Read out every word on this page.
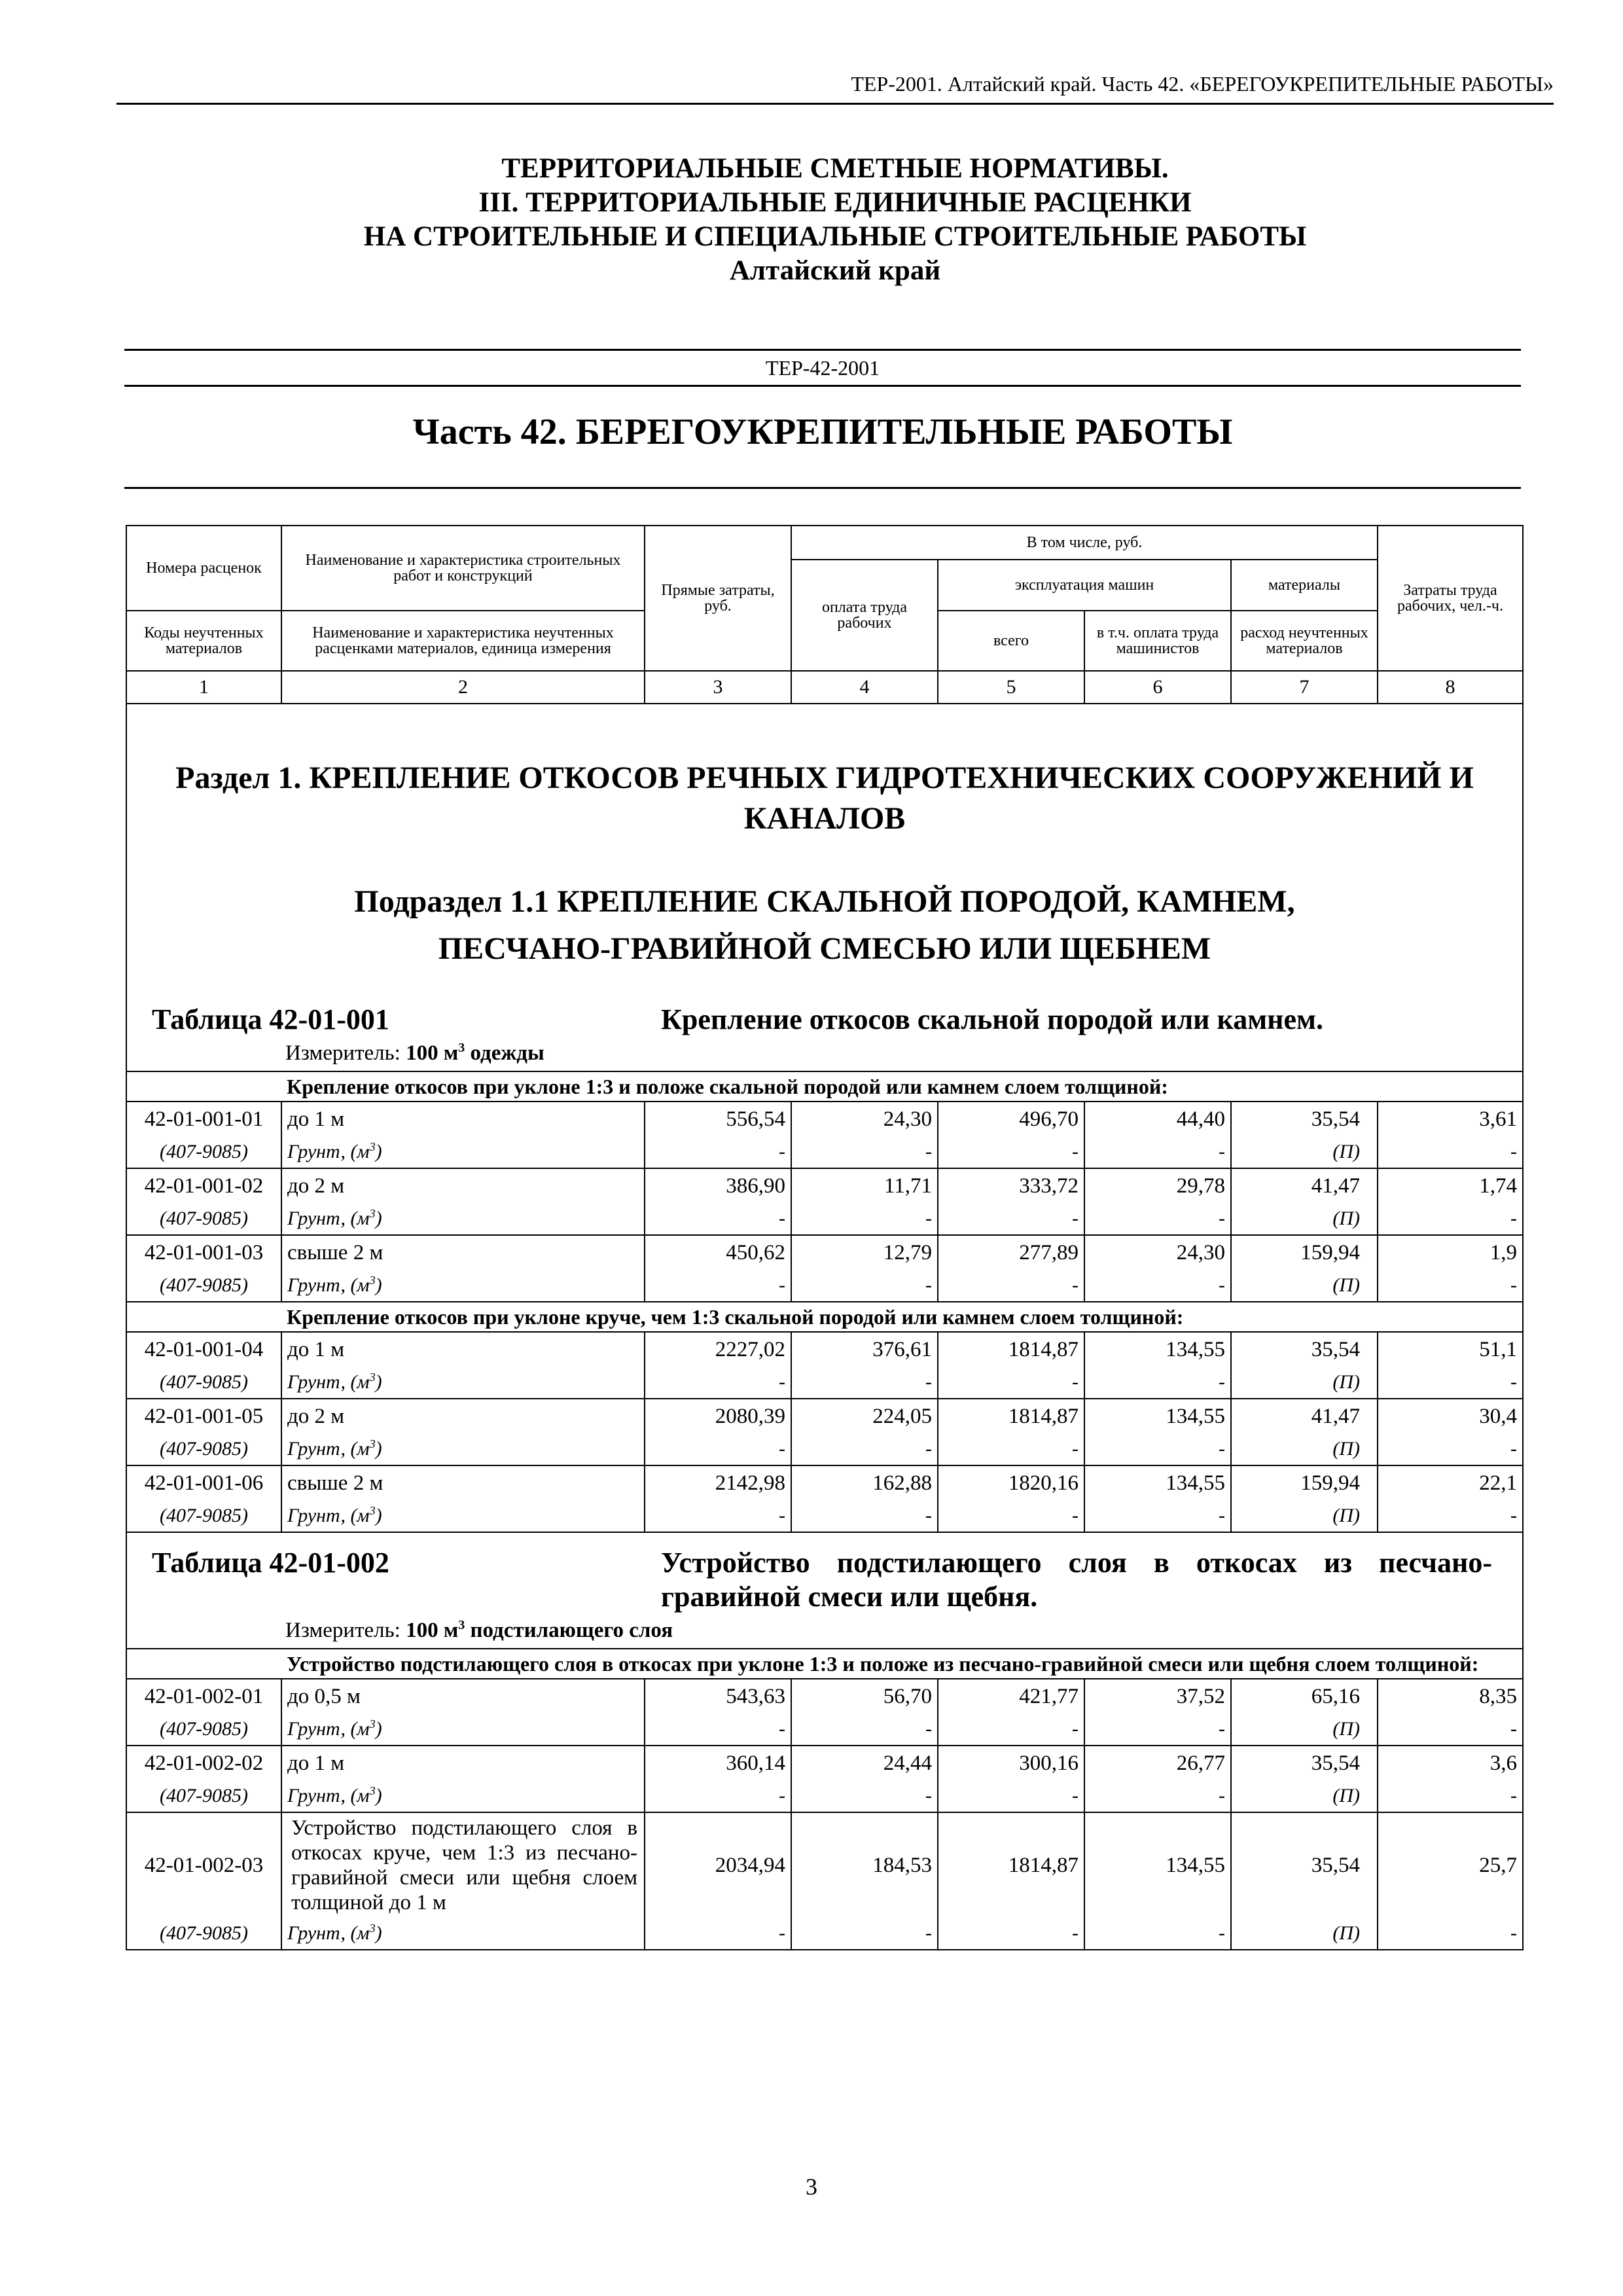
ТЕР-2001. Алтайский край. Часть 42. «БЕРЕГОУКРЕПИТЕЛЬНЫЕ РАБОТЫ»
ТЕРРИТОРИАЛЬНЫЕ СМЕТНЫЕ НОРМАТИВЫ.
III. ТЕРРИТОРИАЛЬНЫЕ ЕДИНИЧНЫЕ РАСЦЕНКИ
НА СТРОИТЕЛЬНЫЕ И СПЕЦИАЛЬНЫЕ СТРОИТЕЛЬНЫЕ РАБОТЫ
Алтайский край
ТЕР-42-2001
Часть 42. БЕРЕГОУКРЕПИТЕЛЬНЫЕ РАБОТЫ
Номера расценок	Наименование и характеристика строительных работ и конструкций	Прямые затраты, руб.	В том числе, руб.				Затраты труда рабочих, чел.-ч.
			оплата труда рабочих	эксплуатация машин		материалы	
Коды неучтенных материалов	Наименование и характеристика неучтенных расценками материалов, единица измерения			всего	в т.ч. оплата труда машинистов	расход неучтенных материалов	
1	2	3	4	5	6	7	8

Раздел 1. КРЕПЛЕНИЕ ОТКОСОВ РЕЧНЫХ ГИДРОТЕХНИЧЕСКИХ СООРУЖЕНИЙ И КАНАЛОВ
Подраздел 1.1 КРЕПЛЕНИЕ СКАЛЬНОЙ ПОРОДОЙ, КАМНЕМ,
ПЕСЧАНО-ГРАВИЙНОЙ СМЕСЬЮ ИЛИ ЩЕБНЕМ							

Таблица 42-01-001 Крепление откосов скальной породой или камнем.
Измеритель: 100 $м^3$ одежды							

	Крепление откосов при уклоне 1:3 и положе скальной породой или камнем слоем толщиной:						
42-01-001-01	до 1 м	556,54	24,30	496,70	44,40	35,54	3,61
(407-9085)	Грунт, $(м^3)$	-	-	-	-	(П)	-
42-01-001-02	до 2 м	386,90	11,71	333,72	29,78	41,47	1,74
(407-9085)	Грунт, $(м^3)$	-	-	-	-	(П)	-
42-01-001-03	свыше 2 м	450,62	12,79	277,89	24,30	159,94	1,9
(407-9085)	Грунт, $(м^3)$	-	-	-	-	(П)	-
	Крепление откосов при уклоне круче, чем 1:3 скальной породой или камнем слоем толщиной:						
42-01-001-04	до 1 м	2227,02	376,61	1814,87	134,55	35,54	51,1
(407-9085)	Грунт, $(м^3)$	-	-	-	-	(П)	-
42-01-001-05	до 2 м	2080,39	224,05	1814,87	134,55	41,47	30,4
(407-9085)	Грунт, $(м^3)$	-	-	-	-	(П)	-
42-01-001-06	свыше 2 м	2142,98	162,88	1820,16	134,55	159,94	22,1
(407-9085)	Грунт, $(м^3)$	-	-	-	-	(П)	-

Таблица 42-01-002 Устройство подстилающего слоя в откосах из песчано-гравийной смеси или щебня.
Измеритель: 100 $м^3$ подстилающего слоя							

	Устройство подстилающего слоя в откосах при уклоне 1:3 и положе из песчано-гравийной смеси или щебня слоем толщиной:						
42-01-002-01	до 0,5 м	543,63	56,70	421,77	37,52	65,16	8,35
(407-9085)	Грунт, $(м^3)$	-	-	-	-	(П)	-
42-01-002-02	до 1 м	360,14	24,44	300,16	26,77	35,54	3,6
(407-9085)	Грунт, $(м^3)$	-	-	-	-	(П)	-
42-01-002-03	Устройство подстилающего слоя в откосах круче, чем 1:3 из песчано-гравийной смеси или щебня слоем толщиной до 1 м	2034,94	184,53	1814,87	134,55	35,54	25,7
(407-9085)	Грунт, $(м^3)$	-	-	-	-	(П)	-
3
